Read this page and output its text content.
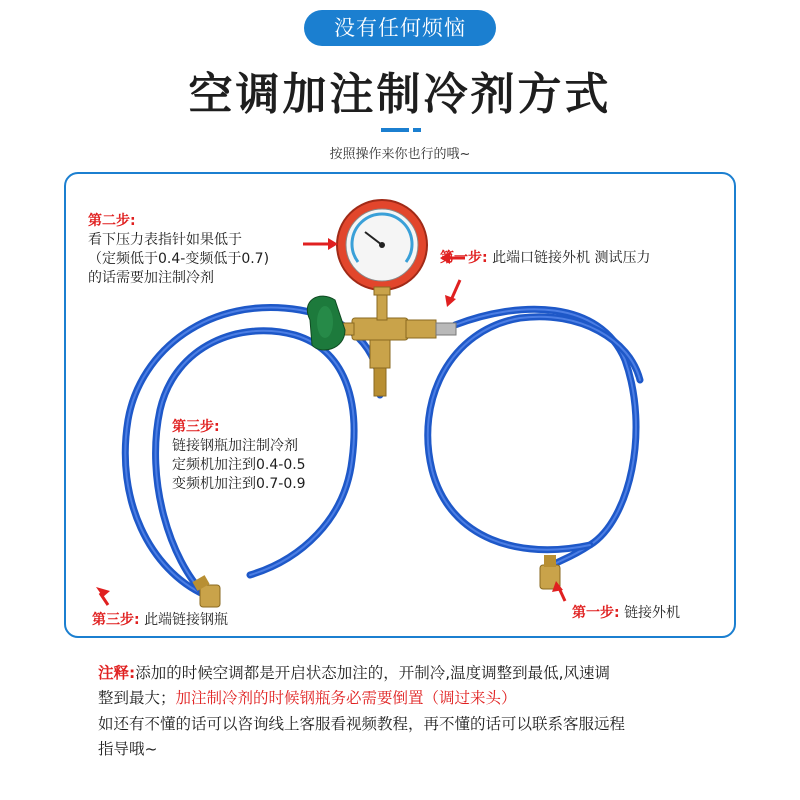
没有任何烦恼
空调加注制冷剂方式
按照操作来你也行的哦~
第二步:
看下压力表指针如果低于
（定频低于0.4-变频低于0.7)
的话需要加注制冷剂
第一步: 此端口链接外机 测试压力
第三步:
链接钢瓶加注制冷剂
定频机加注到0.4-0.5
变频机加注到0.7-0.9
第三步: 此端链接钢瓶	第一步: 链接外机
注释:添加的时候空调都是开启状态加注的，开制冷,温度调整到最低,风速调
整到最大；加注制冷剂的时候钢瓶务必需要倒置（调过来头）
如还有不懂的话可以咨询线上客服看视频教程，再不懂的话可以联系客服远程
指导哦~
